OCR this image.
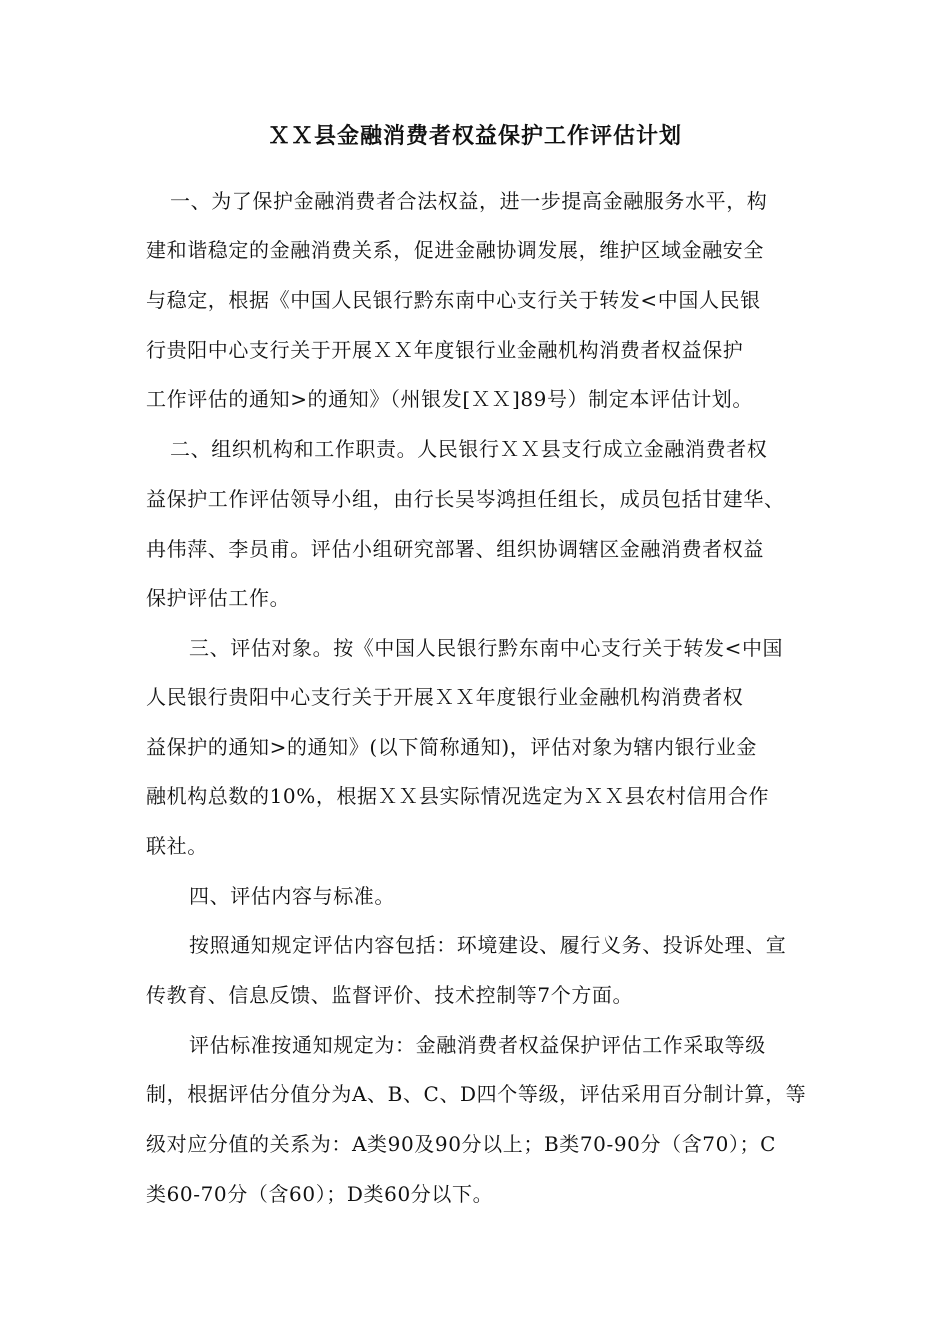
ＸＸ县金融消费者权益保护工作评估计划
一、为了保护金融消费者合法权益，进一步提高金融服务水平，构
建和谐稳定的金融消费关系，促进金融协调发展，维护区域金融安全
与稳定，根据《中国人民银行黔东南中心支行关于转发<中国人民银
行贵阳中心支行关于开展ＸＸ年度银行业金融机构消费者权益保护
工作评估的通知>的通知》（州银发[ＸＸ]89号）制定本评估计划。
二、组织机构和工作职责。人民银行ＸＸ县支行成立金融消费者权
益保护工作评估领导小组，由行长吴岑鸿担任组长，成员包括甘建华、
冉伟萍、李员甫。评估小组研究部署、组织协调辖区金融消费者权益
保护评估工作。
三、评估对象。按《中国人民银行黔东南中心支行关于转发<中国
人民银行贵阳中心支行关于开展ＸＸ年度银行业金融机构消费者权
益保护的通知>的通知》(以下简称通知)，评估对象为辖内银行业金
融机构总数的10%，根据ＸＸ县实际情况选定为ＸＸ县农村信用合作
联社。
四、评估内容与标准。
按照通知规定评估内容包括：环境建设、履行义务、投诉处理、宣
传教育、信息反馈、监督评价、技术控制等7个方面。
评估标准按通知规定为：金融消费者权益保护评估工作采取等级
制，根据评估分值分为A、B、C、D四个等级，评估采用百分制计算，等
级对应分值的关系为：A类90及90分以上；B类70-90分（含70）；C
类60-70分（含60）；D类60分以下。
